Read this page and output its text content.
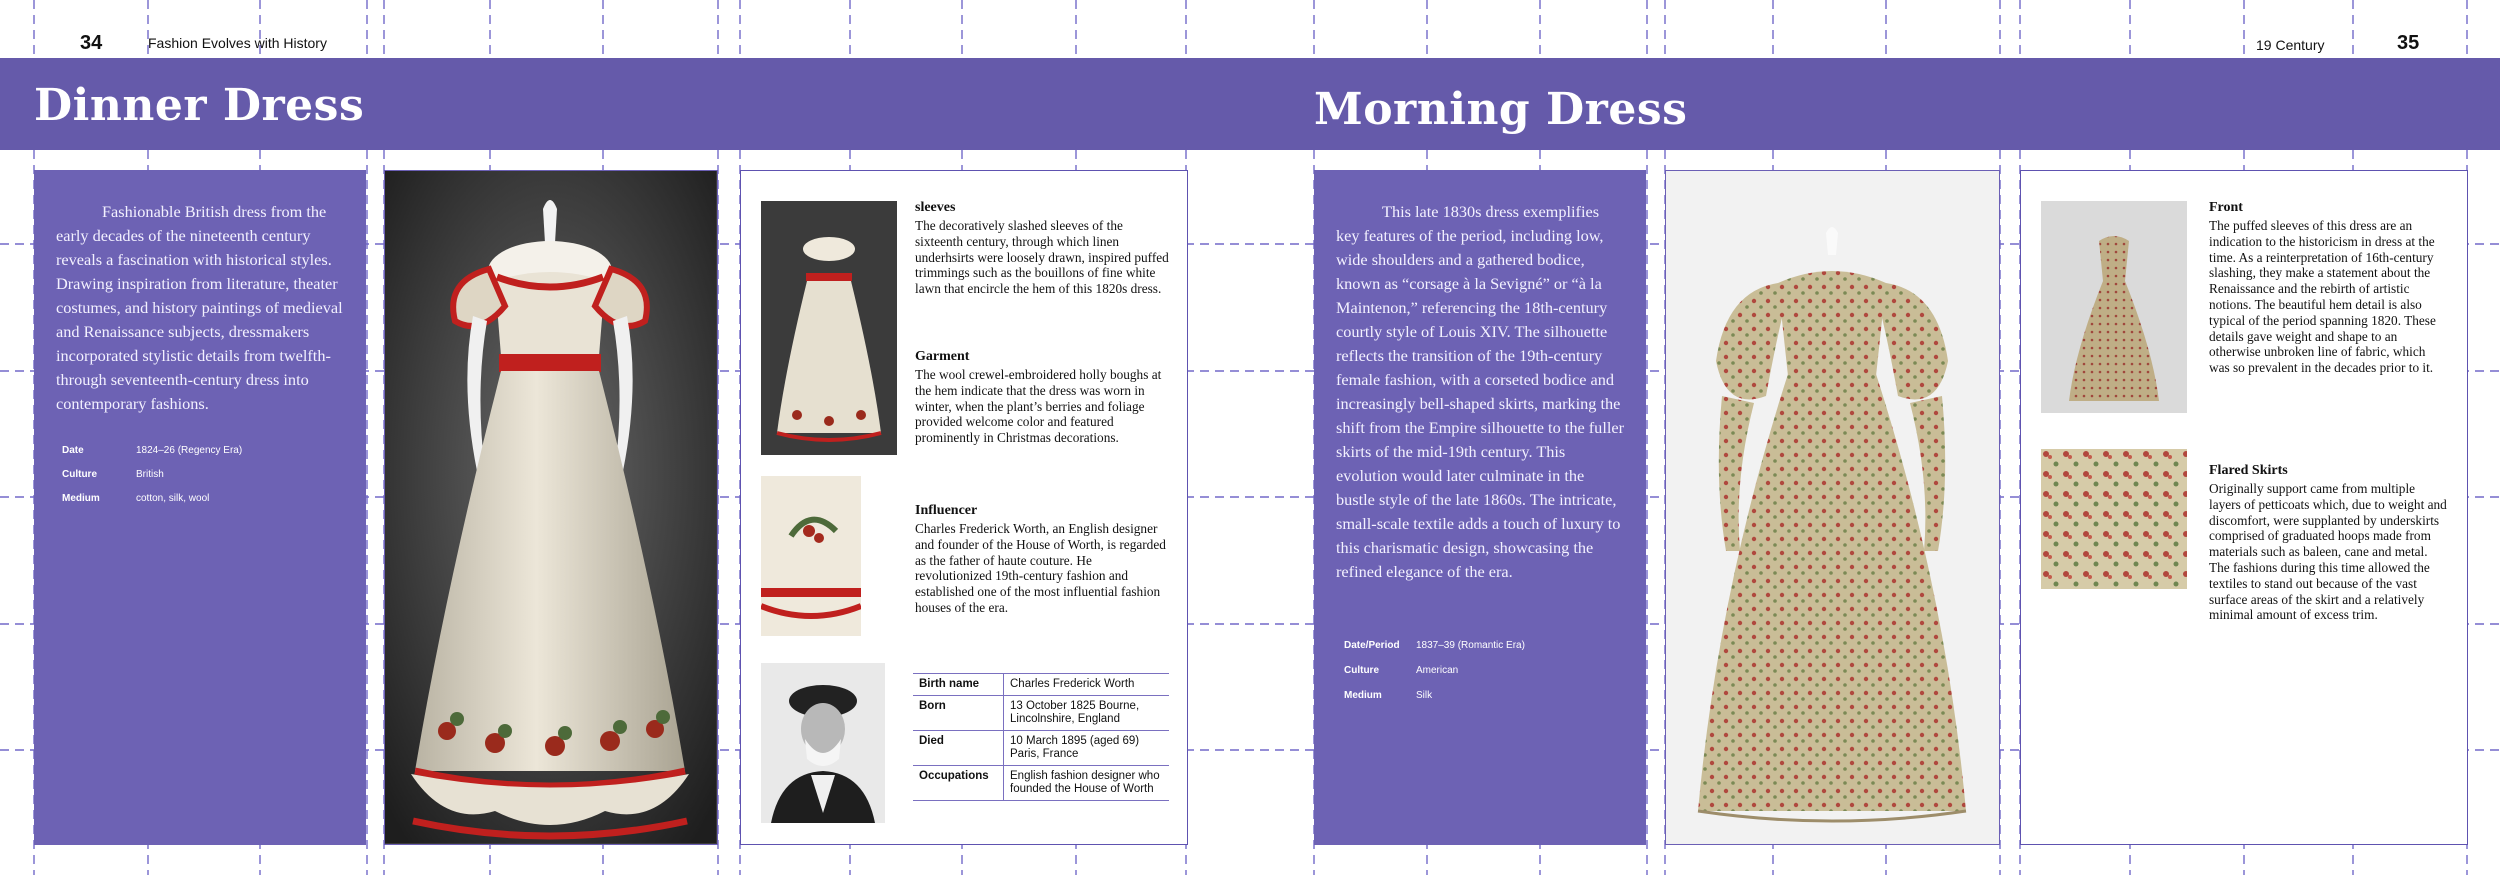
34	Fashion Evolves with History
Dinner Dress

Fashionable British dress from the early decades of the nineteenth century reveals a fascination with historical styles. Drawing inspiration from literature, theater costumes, and history paintings of medieval and Renaissance subjects, dressmakers incorporated stylistic details from twelfth- through seventeenth-century dress into contemporary fashions.

Date	1824–26 (Regency Era)
Culture	British
Medium	cotton, silk, wool

sleeves

The decoratively slashed sleeves of the sixteenth century, through which linen underhsirts were loosely drawn, inspired puffed trimmings such as the bouillons of fine white lawn that encircle the hem of this 1820s dress.

Garment

The wool crewel-embroidered holly boughs at the hem indicate that the dress was worn in winter, when the plant’s berries and foliage provided welcome color and featured prominently in Christmas decorations.

Influencer

Charles Frederick Worth, an English designer and founder of the House of Worth, is regarded as the father of haute couture. He revolutionized 19th-century fashion and established one of the most influential fashion houses of the era.

Birth name	Charles Frederick Worth
Born	13 October 1825 Bourne, Lincolnshire, England
Died	10 March 1895 (aged 69) Paris, France
Occupations	English fashion designer who founded the House of Worth
19 Century	35
Morning Dress

This late 1830s dress exemplifies key features of the period, including low, wide shoulders and a gathered bodice, known as “corsage à la Sevigné” or “à la Maintenon,” referencing the 18th-century courtly style of Louis XIV. The silhouette reflects the transition of the 19th-century female fashion, with a corseted bodice and increasingly bell-shaped skirts, marking the shift from the Empire silhouette to the fuller skirts of the mid-19th century. This evolution would later culminate in the bustle style of the late 1860s. The intricate, small-scale textile adds a touch of luxury to this charismatic design, showcasing the refined elegance of the era.

Date/Period 1837–39 (Romantic Era)
Culture	American
Medium	Silk

Front

The puffed sleeves of this dress are an indication to the historicism in dress at the time. As a reinterpretation of 16th-century slashing, they make a statement about the Renaissance and the rebirth of artistic notions. The beautiful hem detail is also typical of the period spanning 1820. These details gave weight and shape to an otherwise unbroken line of fabric, which was so prevalent in the decades prior to it.

Flared Skirts

Originally support came from multiple layers of petticoats which, due to weight and discomfort, were supplanted by underskirts comprised of graduated hoops made from materials such as baleen, cane and metal. The fashions during this time allowed the textiles to stand out because of the vast surface areas of the skirt and a relatively minimal amount of excess trim.
